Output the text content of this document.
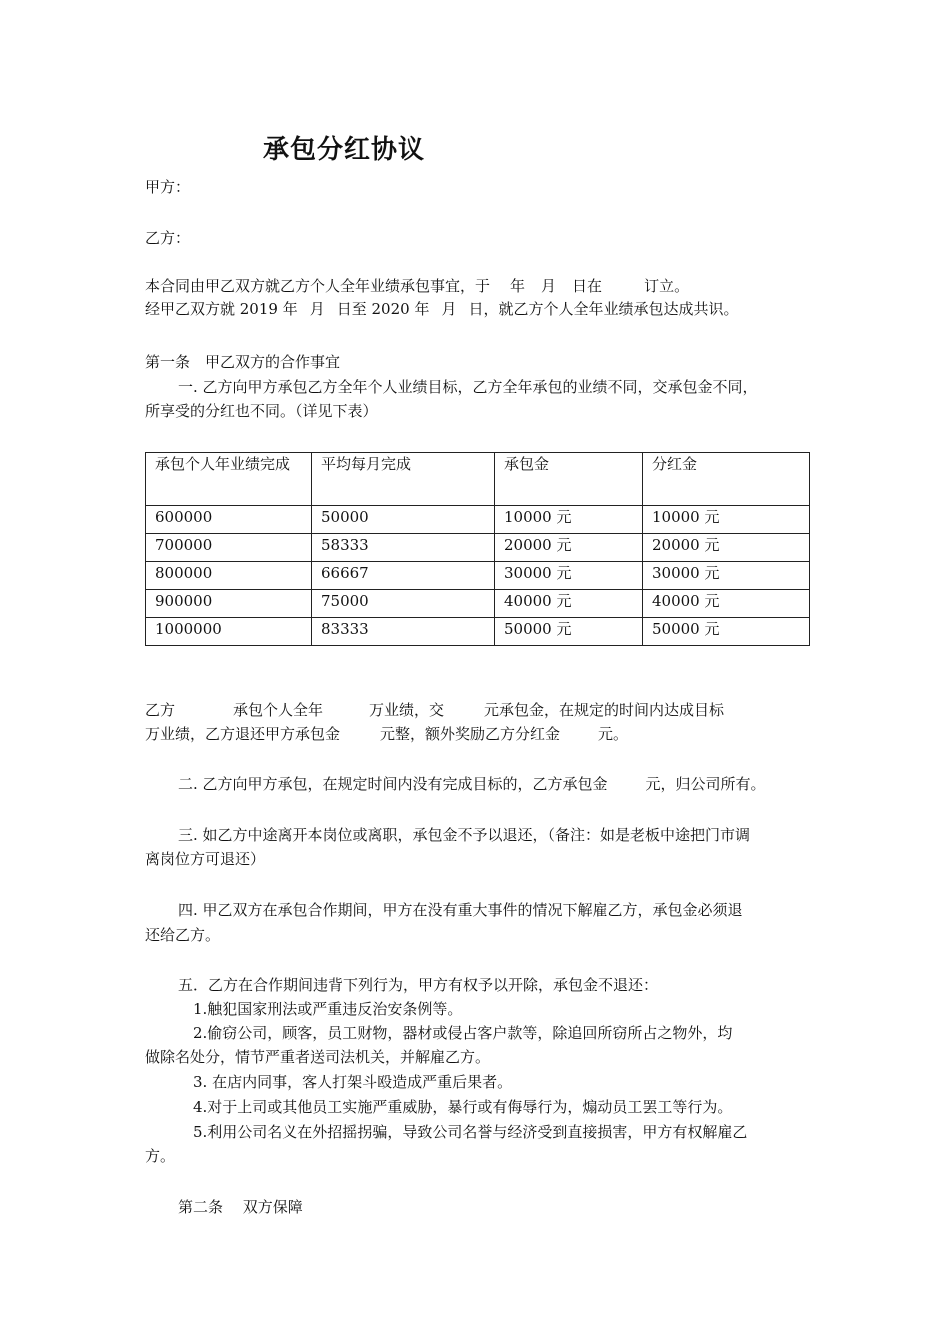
承包分红协议
甲方：
乙方：
本合同由甲乙双方就乙方个人全年业绩承包事宜，于 年 月 日在	订立。
经甲乙双方就 2019 年 月 日至 2020 年 月 日，就乙方个人全年业绩承包达成共识。
第一条　甲乙双方的合作事宜
一. 乙方向甲方承包乙方全年个人业绩目标，乙方全年承包的业绩不同，交承包金不同，
所享受的分红也不同。（详见下表）
承包个人年业绩完成	平均每月完成	承包金	分红金
600000	50000	10000 元	10000 元
700000	58333	20000 元	20000 元
800000	66667	30000 元	30000 元
900000	75000	40000 元	40000 元
1000000	83333	50000 元	50000 元
乙方	承包个人全年	万业绩，交	元承包金，在规定的时间内达成目标
万业绩，乙方退还甲方承包金	元整，额外奖励乙方分红金	元。
二. 乙方向甲方承包，在规定时间内没有完成目标的，乙方承包金	元，归公司所有。
三. 如乙方中途离开本岗位或离职，承包金不予以退还，（备注：如是老板中途把门市调
离岗位方可退还）
四. 甲乙双方在承包合作期间，甲方在没有重大事件的情况下解雇乙方，承包金必须退
还给乙方。
五．乙方在合作期间违背下列行为，甲方有权予以开除，承包金不退还：
1.触犯国家刑法或严重违反治安条例等。
2.偷窃公司，顾客，员工财物，器材或侵占客户款等，除追回所窃所占之物外，均
做除名处分，情节严重者送司法机关，并解雇乙方。
3. 在店内同事，客人打架斗殴造成严重后果者。
4.对于上司或其他员工实施严重威胁，暴行或有侮辱行为，煽动员工罢工等行为。
5.利用公司名义在外招摇拐骗，导致公司名誉与经济受到直接损害，甲方有权解雇乙
方。
第二条　 双方保障
